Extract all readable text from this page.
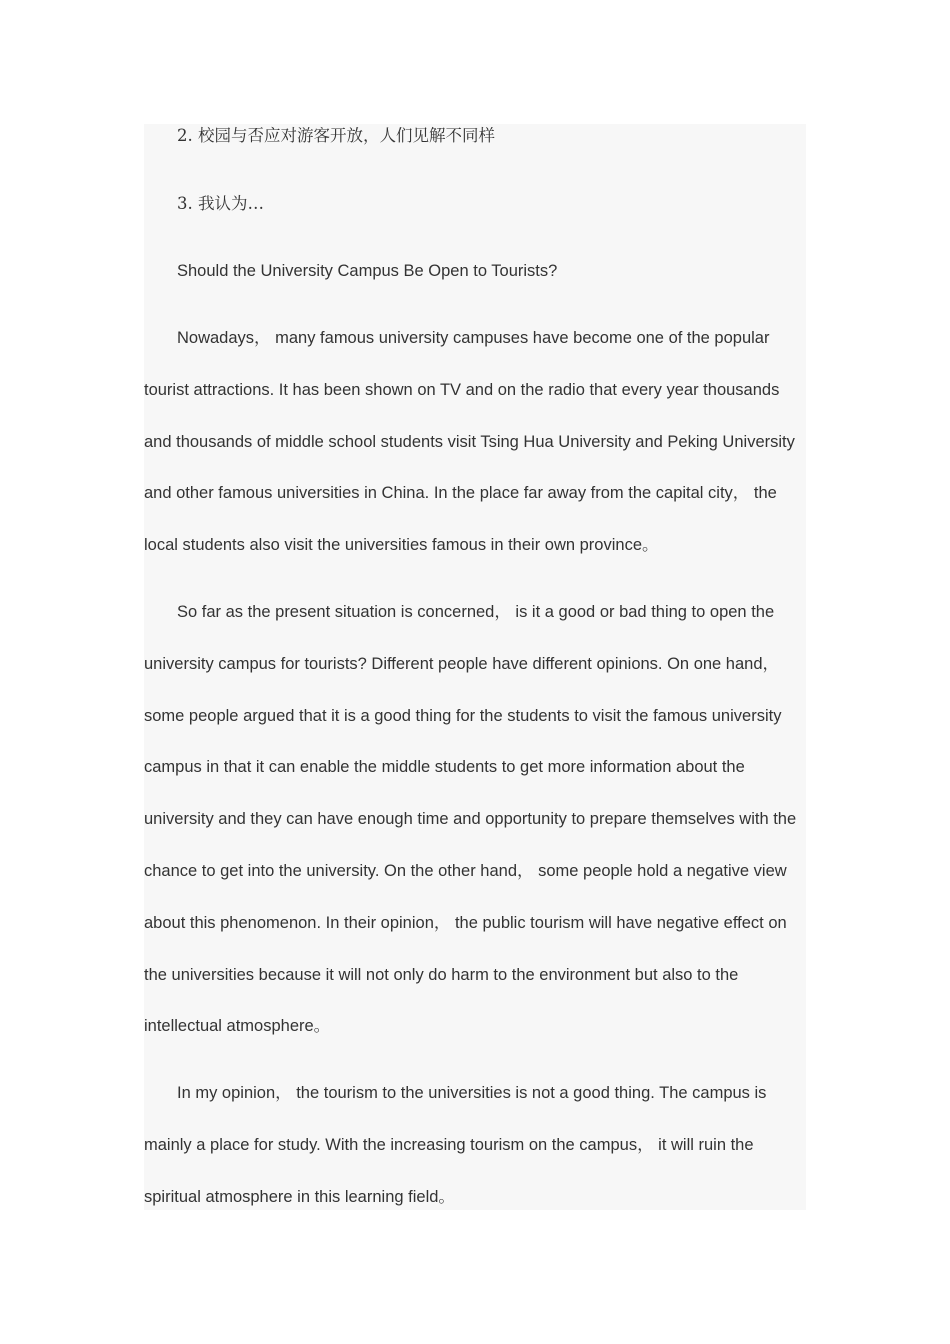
2. 校园与否应对游客开放，人们见解不同样

3. 我认为…

Should the University Campus Be Open to Tourists?

Nowadays， many famous university campuses have become one of the popular tourist attractions. It has been shown on TV and on the radio that every year thousands and thousands of middle school students visit Tsing Hua University and Peking University and other famous universities in China. In the place far away from the capital city， the local students also visit the universities famous in their own province。

So far as the present situation is concerned， is it a good or bad thing to open the university campus for tourists? Different people have different opinions. On one hand，some people argued that it is a good thing for the students to visit the famous university campus in that it can enable the middle students to get more information about the university and they can have enough time and opportunity to prepare themselves with the chance to get into the university. On the other hand， some people hold a negative view about this phenomenon. In their opinion， the public tourism will have negative effect on the universities because it will not only do harm to the environment but also to the intellectual atmosphere。

In my opinion， the tourism to the universities is not a good thing. The campus is mainly a place for study. With the increasing tourism on the campus， it will ruin the spiritual atmosphere in this learning field。
